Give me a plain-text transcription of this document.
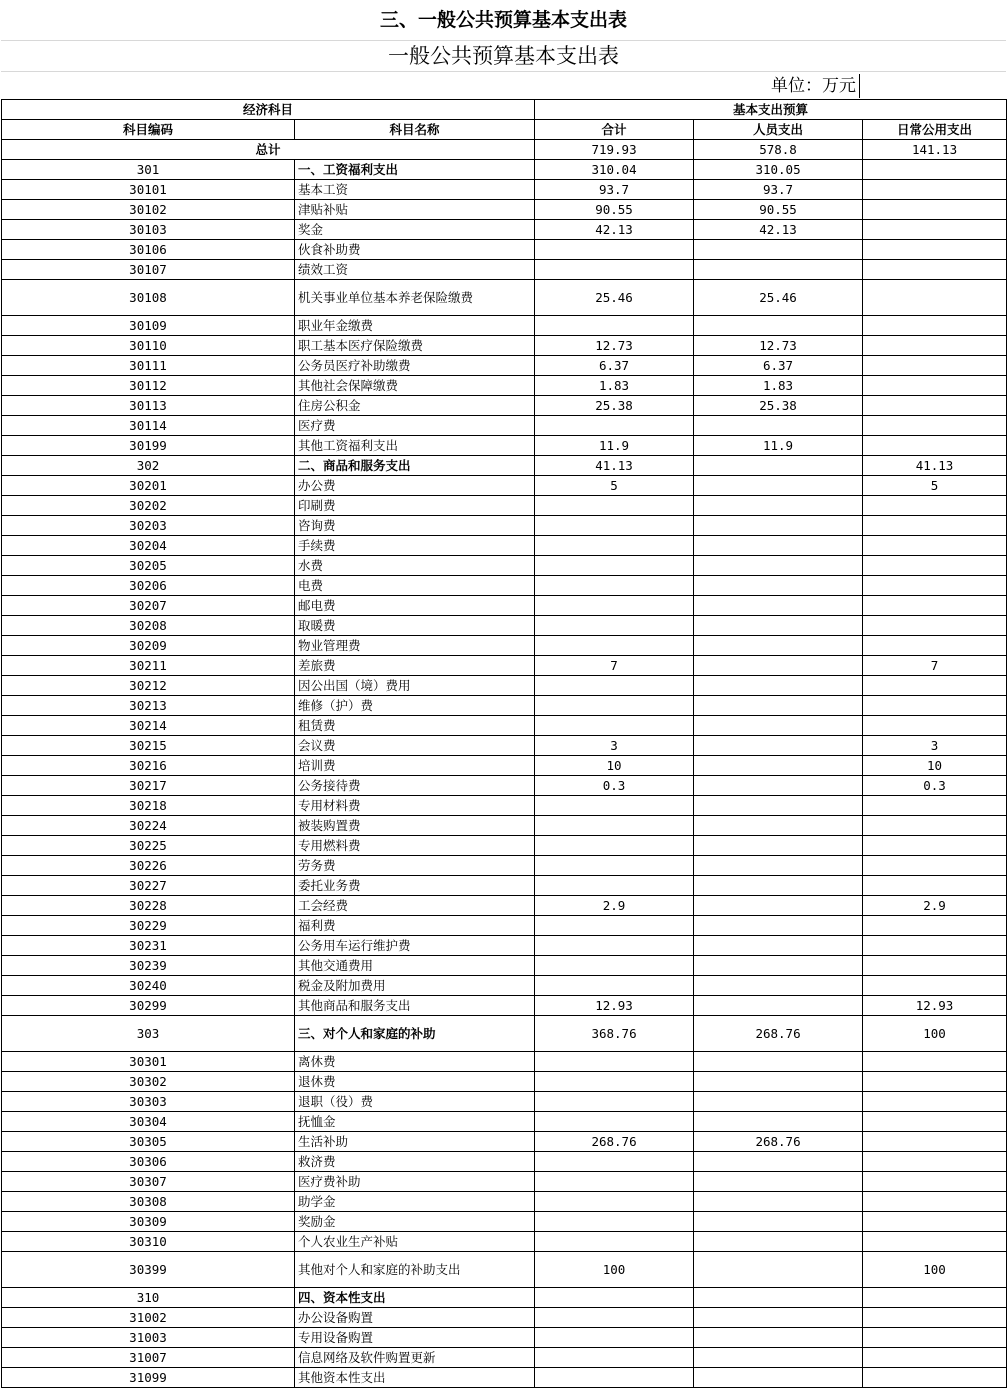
三、一般公共预算基本支出表
一般公共预算基本支出表
单位：万元
经济科目		基本支出预算		
科目编码	科目名称	合计	人员支出	日常公用支出
总计		719.93	578.8	141.13
301	一、工资福利支出	310.04	310.05	
30101	基本工资	93.7	93.7	
30102	津贴补贴	90.55	90.55	
30103	奖金	42.13	42.13	
30106	伙食补助费			
30107	绩效工资			
30108	机关事业单位基本养老保险缴费	25.46	25.46	
30109	职业年金缴费			
30110	职工基本医疗保险缴费	12.73	12.73	
30111	公务员医疗补助缴费	6.37	6.37	
30112	其他社会保障缴费	1.83	1.83	
30113	住房公积金	25.38	25.38	
30114	医疗费			
30199	其他工资福利支出	11.9	11.9	
302	二、商品和服务支出	41.13		41.13
30201	办公费	5		5
30202	印刷费			
30203	咨询费			
30204	手续费			
30205	水费			
30206	电费			
30207	邮电费			
30208	取暖费			
30209	物业管理费			
30211	差旅费	7		7
30212	因公出国（境）费用			
30213	维修（护）费			
30214	租赁费			
30215	会议费	3		3
30216	培训费	10		10
30217	公务接待费	0.3		0.3
30218	专用材料费			
30224	被装购置费			
30225	专用燃料费			
30226	劳务费			
30227	委托业务费			
30228	工会经费	2.9		2.9
30229	福利费			
30231	公务用车运行维护费			
30239	其他交通费用			
30240	税金及附加费用			
30299	其他商品和服务支出	12.93		12.93
303	三、对个人和家庭的补助	368.76	268.76	100
30301	离休费			
30302	退休费			
30303	退职（役）费			
30304	抚恤金			
30305	生活补助	268.76	268.76	
30306	救济费			
30307	医疗费补助			
30308	助学金			
30309	奖励金			
30310	个人农业生产补贴			
30399	其他对个人和家庭的补助支出	100		100
310	四、资本性支出			
31002	办公设备购置			
31003	专用设备购置			
31007	信息网络及软件购置更新			
31099	其他资本性支出			
